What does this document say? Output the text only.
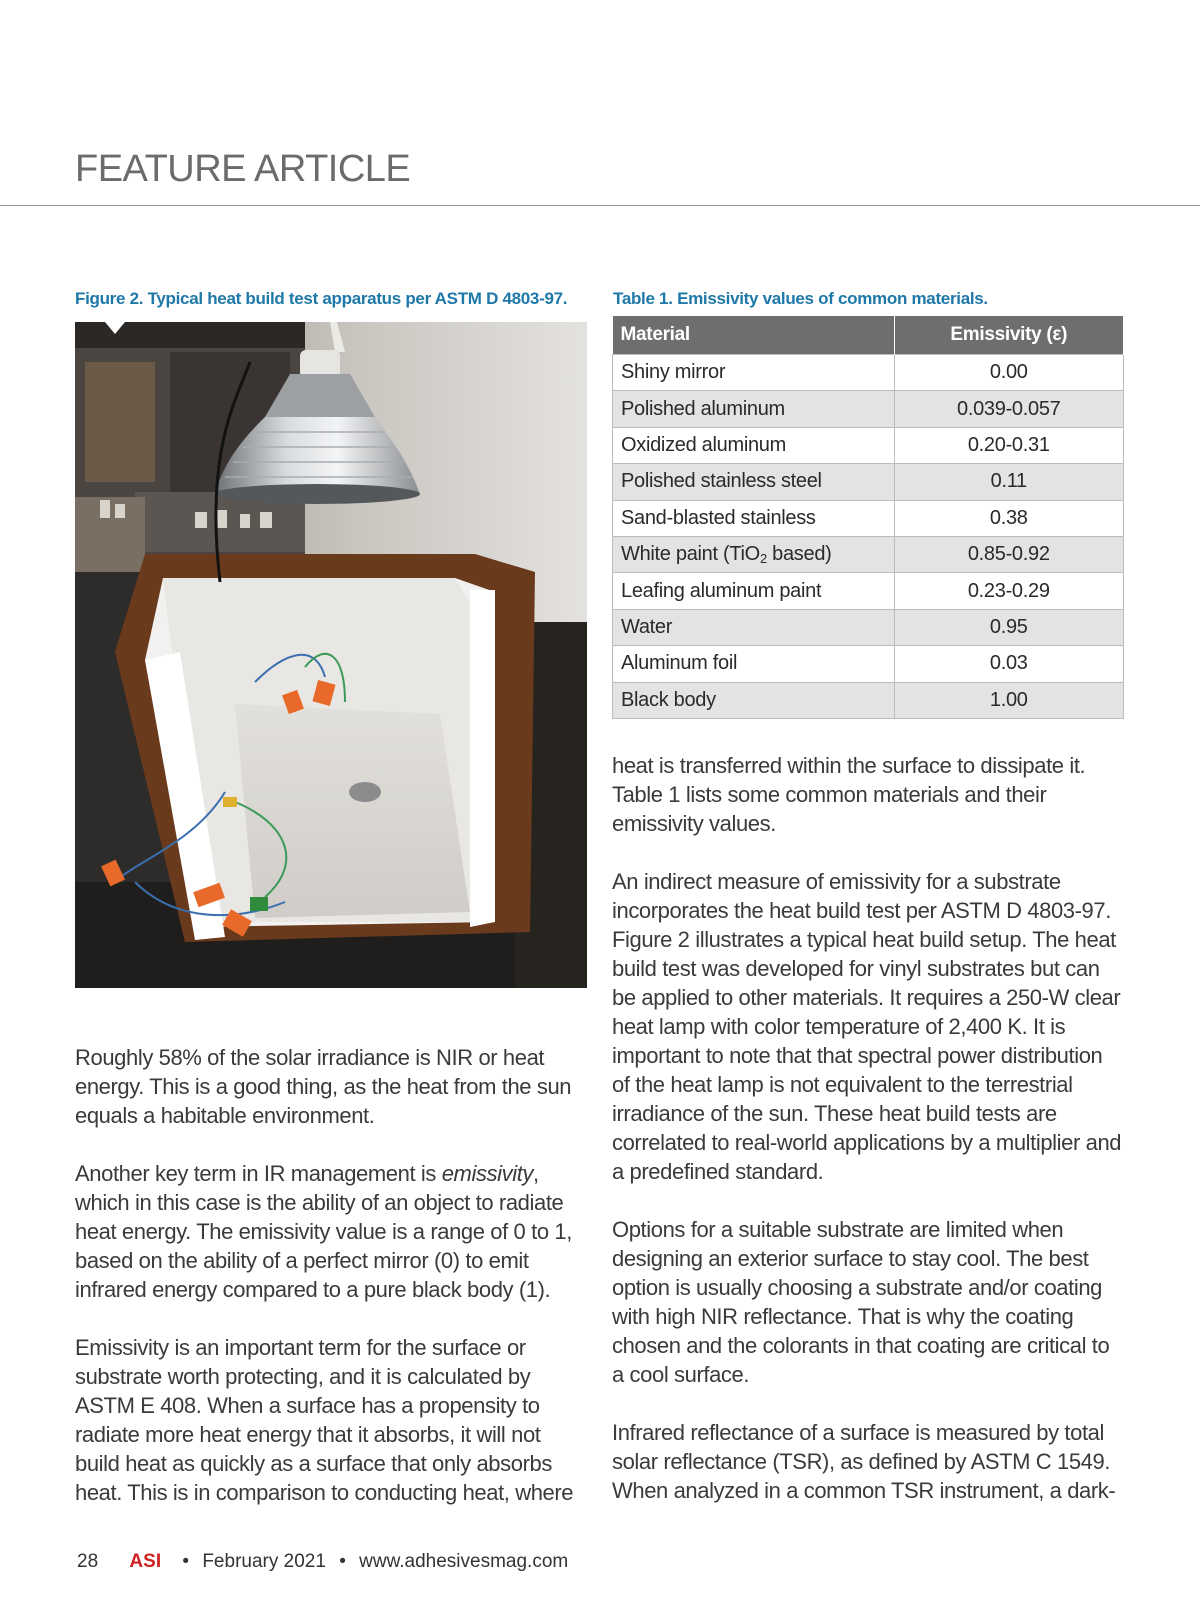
FEATURE ARTICLE

Figure 2. Typical heat build test apparatus per ASTM D 4803-97.	Table 1. Emissivity values of common materials.

Material	Emissivity (ε)
Shiny mirror	0.00
Polished aluminum	0.039-0.057
Oxidized aluminum	0.20-0.31
Polished stainless steel	0.11
Sand-blasted stainless	0.38
White paint (TiO$_2$ based)	0.85-0.92
Leafing aluminum paint	0.23-0.29
Water	0.95
Aluminum foil	0.03
Black body	1.00

Roughly 58% of the solar irradiance is NIR or heat energy. This is a good thing, as the heat from the sun equals a habitable environment.

Another key term in IR management is emissivity, which in this case is the ability of an object to radiate heat energy. The emissivity value is a range of 0 to 1, based on the ability of a perfect mirror (0) to emit infrared energy compared to a pure black body (1).

Emissivity is an important term for the surface or substrate worth protecting, and it is calculated by ASTM E 408. When a surface has a propensity to radiate more heat energy that it absorbs, it will not build heat as quickly as a surface that only absorbs heat. This is in comparison to conducting heat, where

heat is transferred within the surface to dissipate it. Table 1 lists some common materials and their emissivity values.

An indirect measure of emissivity for a substrate incorporates the heat build test per ASTM D 4803-97. Figure 2 illustrates a typical heat build setup. The heat build test was developed for vinyl substrates but can be applied to other materials. It requires a 250-W clear heat lamp with color temperature of 2,400 K. It is important to note that that spectral power distribution of the heat lamp is not equivalent to the terrestrial irradiance of the sun. These heat build tests are correlated to real-world applications by a multiplier and a predefined standard.

Options for a suitable substrate are limited when designing an exterior surface to stay cool. The best option is usually choosing a substrate and/or coating with high NIR reflectance. That is why the coating chosen and the colorants in that coating are critical to a cool surface.

Infrared reflectance of a surface is measured by total solar reflectance (TSR), as defined by ASTM C 1549. When analyzed in a common TSR instrument, a dark-

28 ASI • February 2021 • www.adhesivesmag.com
